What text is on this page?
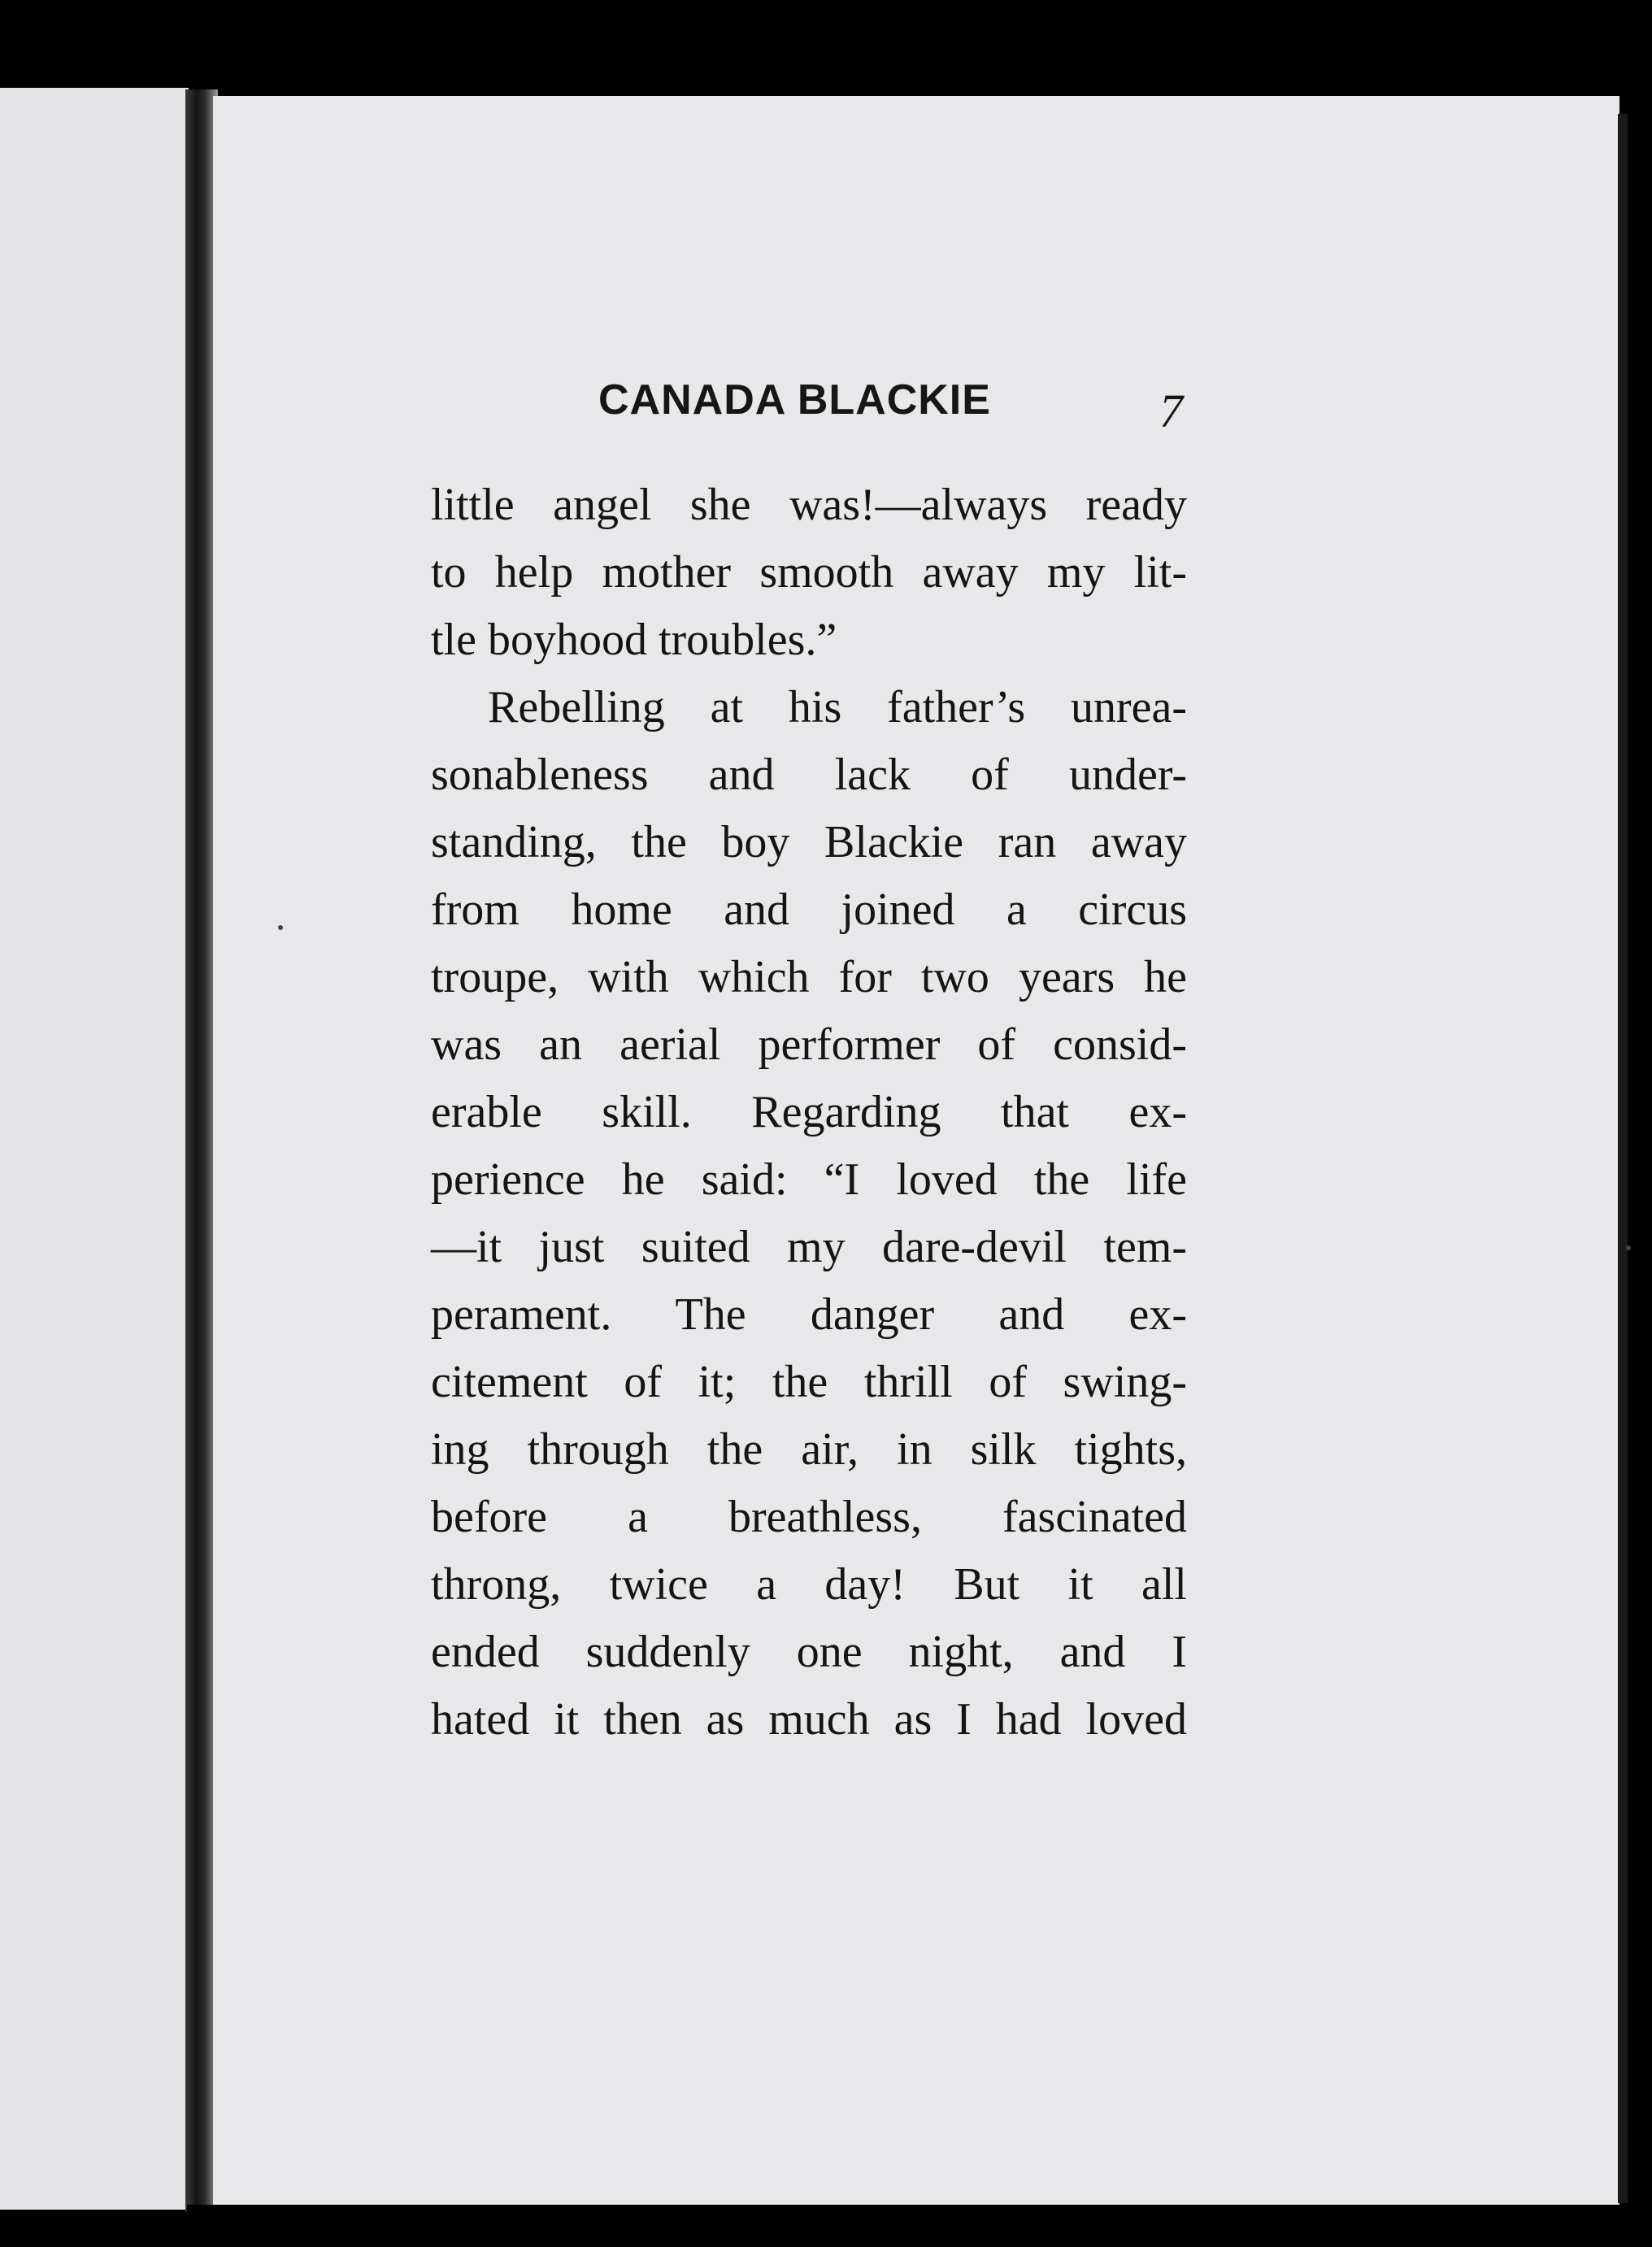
CANADA BLACKIE	7
little angel she was!—always ready
to help mother smooth away my lit-
tle boyhood troubles.”
Rebelling at his father’s unrea-
sonableness and lack of under-
standing, the boy Blackie ran away
from home and joined a circus
troupe, with which for two years he
was an aerial performer of consid-
erable skill. Regarding that ex-
perience he said: “I loved the life
—it just suited my dare-devil tem-
perament. The danger and ex-
citement of it; the thrill of swing-
ing through the air, in silk tights,
before a breathless, fascinated
throng, twice a day! But it all
ended suddenly one night, and I
hated it then as much as I had loved
